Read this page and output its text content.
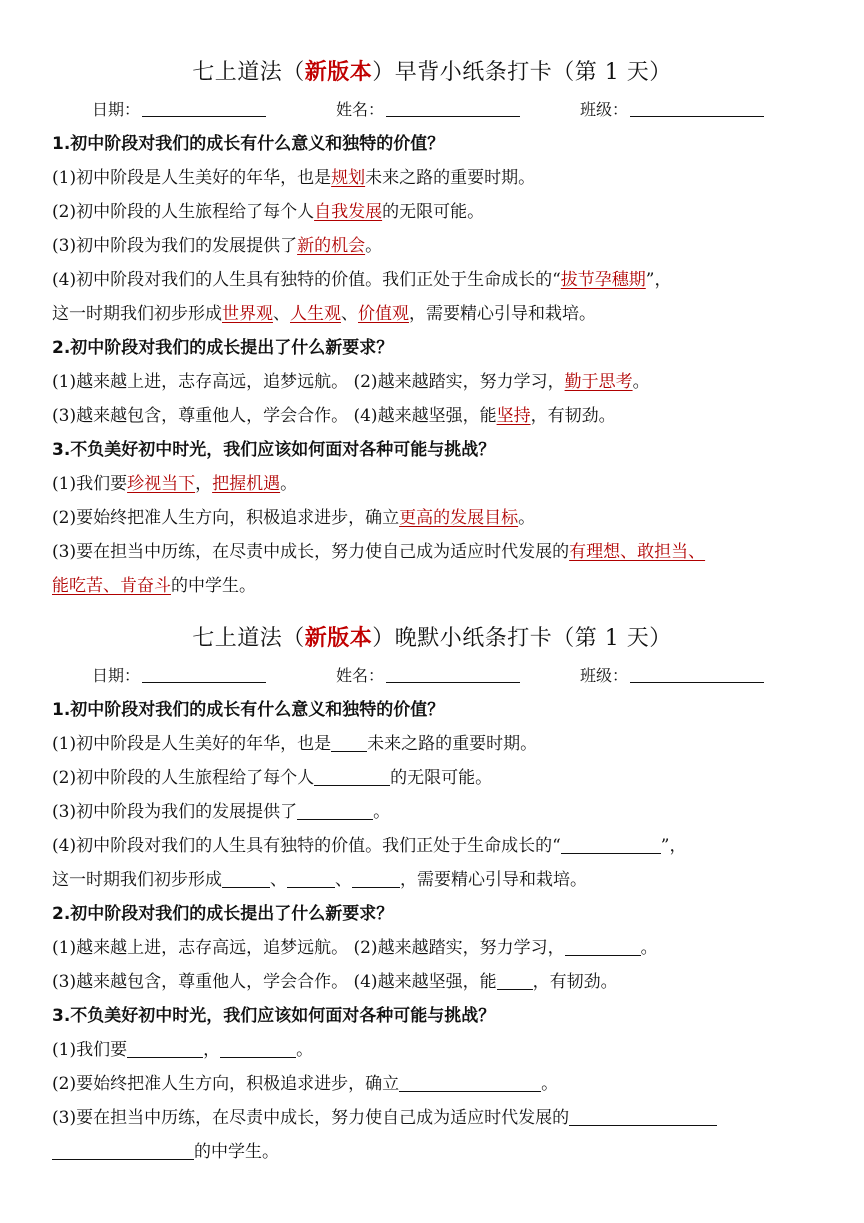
七上道法（新版本）早背小纸条打卡（第 1 天）
日期：	姓名：	班级：
1.初中阶段对我们的成长有什么意义和独特的价值？
(1)初中阶段是人生美好的年华，也是规划未来之路的重要时期。
(2)初中阶段的人生旅程给了每个人自我发展的无限可能。
(3)初中阶段为我们的发展提供了新的机会。
(4)初中阶段对我们的人生具有独特的价值。我们正处于生命成长的“拔节孕穗期”，
这一时期我们初步形成世界观、人生观、价值观，需要精心引导和栽培。
2.初中阶段对我们的成长提出了什么新要求？
(1)越来越上进，志存高远，追梦远航。 (2)越来越踏实，努力学习，勤于思考。
(3)越来越包含，尊重他人，学会合作。 (4)越来越坚强，能坚持，有韧劲。
3.不负美好初中时光，我们应该如何面对各种可能与挑战？
(1)我们要珍视当下，把握机遇。
(2)要始终把准人生方向，积极追求进步，确立更高的发展目标。
(3)要在担当中历练，在尽责中成长，努力使自己成为适应时代发展的有理想、敢担当、
能吃苦、肯奋斗的中学生。
七上道法（新版本）晚默小纸条打卡（第 1 天）
日期：	姓名：	班级：
1.初中阶段对我们的成长有什么意义和独特的价值？
(1)初中阶段是人生美好的年华，也是 未来之路的重要时期。
(2)初中阶段的人生旅程给了每个人	的无限可能。
(3)初中阶段为我们的发展提供了	。
(4)初中阶段对我们的人生具有独特的价值。我们正处于生命成长的“	”，
这一时期我们初步形成	、	、	，需要精心引导和栽培。
2.初中阶段对我们的成长提出了什么新要求？
(1)越来越上进，志存高远，追梦远航。 (2)越来越踏实，努力学习，	。
(3)越来越包含，尊重他人，学会合作。 (4)越来越坚强，能 ，有韧劲。
3.不负美好初中时光，我们应该如何面对各种可能与挑战？
(1)我们要	，	。
(2)要始终把准人生方向，积极追求进步，确立	。
(3)要在担当中历练，在尽责中成长，努力使自己成为适应时代发展的
的中学生。
